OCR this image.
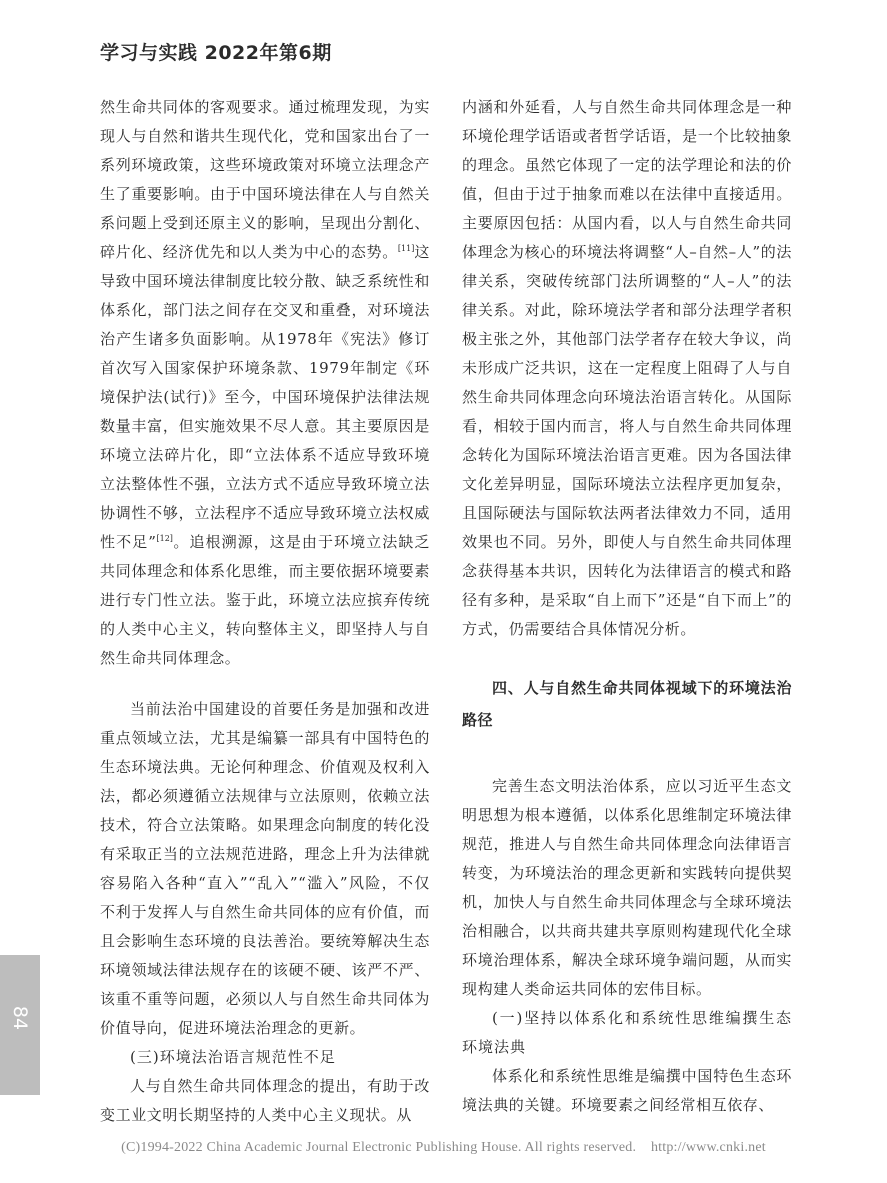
学习与实践 2022年第6期

然生命共同体的客观要求。通过梳理发现，为实现人与自然和谐共生现代化，党和国家出台了一系列环境政策，这些环境政策对环境立法理念产生了重要影响。由于中国环境法律在人与自然关系问题上受到还原主义的影响，呈现出分割化、碎片化、经济优先和以人类为中心的态势。[11]这导致中国环境法律制度比较分散、缺乏系统性和体系化，部门法之间存在交叉和重叠，对环境法治产生诸多负面影响。从1978年《宪法》修订首次写入国家保护环境条款、1979年制定《环境保护法(试行)》至今，中国环境保护法律法规数量丰富，但实施效果不尽人意。其主要原因是环境立法碎片化，即“立法体系不适应导致环境立法整体性不强，立法方式不适应导致环境立法协调性不够，立法程序不适应导致环境立法权威性不足”[12]。追根溯源，这是由于环境立法缺乏共同体理念和体系化思维，而主要依据环境要素进行专门性立法。鉴于此，环境立法应摈弃传统的人类中心主义，转向整体主义，即坚持人与自然生命共同体理念。

当前法治中国建设的首要任务是加强和改进重点领域立法，尤其是编纂一部具有中国特色的生态环境法典。无论何种理念、价值观及权利入法，都必须遵循立法规律与立法原则，依赖立法技术，符合立法策略。如果理念向制度的转化没有采取正当的立法规范进路，理念上升为法律就容易陷入各种“直入”“乱入”“滥入”风险，不仅不利于发挥人与自然生命共同体的应有价值，而且会影响生态环境的良法善治。要统筹解决生态环境领域法律法规存在的该硬不硬、该严不严、该重不重等问题，必须以人与自然生命共同体为价值导向，促进环境法治理念的更新。

(三)环境法治语言规范性不足

人与自然生命共同体理念的提出，有助于改变工业文明长期坚持的人类中心主义现状。从

内涵和外延看，人与自然生命共同体理念是一种环境伦理学话语或者哲学话语，是一个比较抽象的理念。虽然它体现了一定的法学理论和法的价值，但由于过于抽象而难以在法律中直接适用。主要原因包括：从国内看，以人与自然生命共同体理念为核心的环境法将调整“人–自然–人”的法律关系，突破传统部门法所调整的“人–人”的法律关系。对此，除环境法学者和部分法理学者积极主张之外，其他部门法学者存在较大争议，尚未形成广泛共识，这在一定程度上阻碍了人与自然生命共同体理念向环境法治语言转化。从国际看，相较于国内而言，将人与自然生命共同体理念转化为国际环境法治语言更难。因为各国法律文化差异明显，国际环境法立法程序更加复杂，且国际硬法与国际软法两者法律效力不同，适用效果也不同。另外，即使人与自然生命共同体理念获得基本共识，因转化为法律语言的模式和路径有多种，是采取“自上而下”还是“自下而上”的方式，仍需要结合具体情况分析。

四、人与自然生命共同体视域下的环境法治路径

完善生态文明法治体系，应以习近平生态文明思想为根本遵循，以体系化思维制定环境法律规范，推进人与自然生命共同体理念向法律语言转变，为环境法治的理念更新和实践转向提供契机，加快人与自然生命共同体理念与全球环境法治相融合，以共商共建共享原则构建现代化全球环境治理体系，解决全球环境争端问题，从而实现构建人类命运共同体的宏伟目标。

(一)坚持以体系化和系统性思维编撰生态环境法典

体系化和系统性思维是编撰中国特色生态环境法典的关键。环境要素之间经常相互依存、

84
(C)1994-2022 China Academic Journal Electronic Publishing House. All rights reserved.    http://www.cnki.net
